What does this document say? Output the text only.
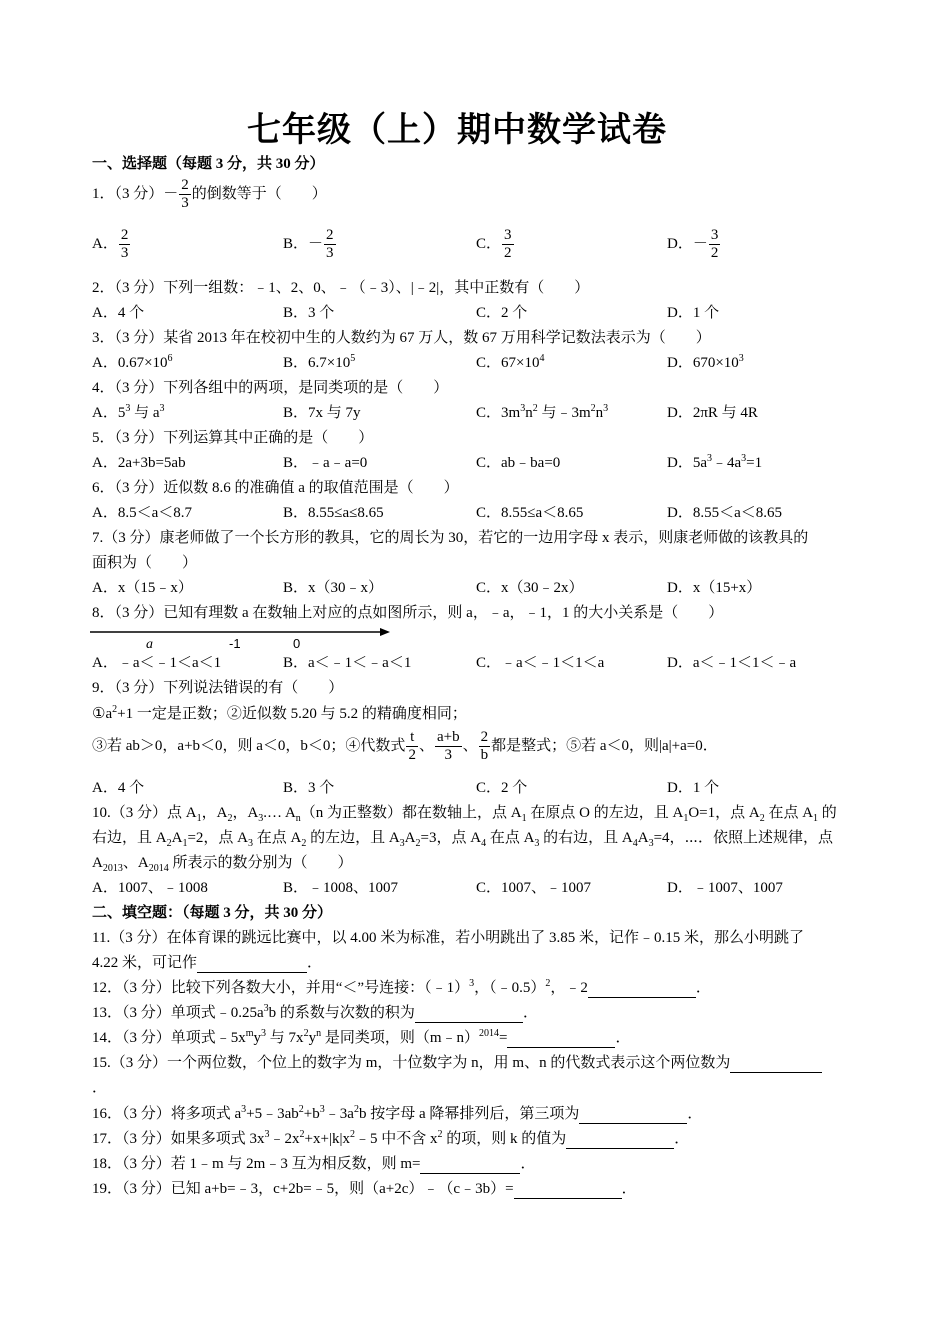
七年级（上）期中数学试卷
一、选择题（每题 3 分，共 30 分）
1．（3 分）－ $\frac{2}{3}$ 的倒数等于（　　）
A． $\frac{2}{3}$	B．－ $\frac{2}{3}$	C． $\frac{3}{2}$	D．－ $\frac{3}{2}$
2．（3 分）下列一组数：﹣1、2、0、﹣（﹣3）、|﹣2|，其中正数有（　　）
A．4 个	B．3 个	C．2 个	D．1 个
3．（3 分）某省 2013 年在校初中生的人数约为 67 万人，数 67 万用科学记数法表示为（　　）
A．$0.67\times 10^6$	B．$6.7\times 10^5$	C．$67\times 10^4$	D．$670\times 10^3$
4．（3 分）下列各组中的两项，是同类项的是（　　）
A．$5^3$ 与 $a^3$	B．7x 与 7y	C．$3m^3n^2$ 与$﹣3m^2n^3$	D．2πR 与 4R
5．（3 分）下列运算其中正确的是（　　）
A．2a+3b=5ab	B．﹣a﹣a=0	C．ab﹣ba=0	D．$5a^3﹣4a^3=1$
6．（3 分）近似数 8.6 的准确值 a 的取值范围是（　　）
A．8.5＜a＜8.7	B．8.55≤a≤8.65	C．8.55≤a＜8.65	D．8.55＜a＜8.65
7.（3 分）康老师做了一个长方形的教具，它的周长为 30，若它的一边用字母 x 表示，则康老师做的该教具的
面积为（　　）
A．x（15﹣x）	B．x（30﹣x）	C．x（30﹣2x）	D．x（15+x）
8．（3 分）已知有理数 a 在数轴上对应的点如图所示，则 a，﹣a，﹣1，1 的大小关系是（　　）
a	-1	0
A．﹣a＜﹣1＜a＜1	B．a＜﹣1＜﹣a＜1	C．﹣a＜﹣1＜1＜a	D．a＜﹣1＜1＜﹣a
9．（3 分）下列说法错误的有（　　）
$①a^2+1$ 一定是正数；②近似数 5.20 与 5.2 的精确度相同；
③若 ab＞0，a+b＜0，则 a＜0，b＜0；④代数式 $\frac{t}{2}$ 、 $\frac{a+b}{3}$ 、 $\frac{2}{b}$ 都是整式；⑤若 a＜0，则|a|+a=0．
A．4 个	B．3 个	C．2 个	D．1 个
10.（3 分）点 $A_1$，$A_2$，$A_3.\dots$ $A_n(n$ 为正整数）都在数轴上，点 $A_1$ 在原点 O 的左边，且 $A_1O=1$，点 $A_2$ 在点 $A_1$ 的
右边，且 $A_2A_1=2$，点 $A_3$ 在点 $A_2$ 的左边，且 $A_3A_2=3$，点 $A_4$ 在点 $A_3$ 的右边，且 $A_4A_3=4$，⋯．依照上述规律，点
$A_{2013}$、$A_{2014}$ 所表示的数分别为（　　）
A．1007、﹣1008	B．﹣1008、1007	C．1007、﹣1007	D．﹣1007、1007
二、填空题：（每题 3 分，共 30 分）
11.（3 分）在体育课的跳远比赛中，以 4.00 米为标准，若小明跳出了 3.85 米，记作﹣0.15 米，那么小明跳了
4.22 米，可记作	．
12．（3 分）比较下列各数大小，并用“＜”号连接：（﹣1）$^3$，（﹣0.5）$^2$，﹣2	．
13．（3 分）单项式$﹣0.25a^3b$ 的系数与次数的积为	．
14．（3 分）单项式$﹣5x^my^3$ 与 $7x^2y^n$ 是同类项，则（m﹣n）$^{2014}$=	．
15.（3 分）一个两位数，个位上的数字为 m，十位数字为 n，用 m、n 的代数式表示这个两位数为
．
16．（3 分）将多项式 $a^3+5﹣3ab^2+b^3﹣3a^2b$ 按字母 a 降幂排列后，第三项为	．
17．（3 分）如果多项式 $3x^3﹣2x^2+x+|k|x^2﹣5$ 中不含 $x^2$ 的项，则 k 的值为	．
18．（3 分）若 1﹣m 与 2m﹣3 互为相反数，则 m=	．
19．（3 分）已知 a+b=﹣3，c+2b=﹣5，则（a+2c）﹣（c﹣3b）=	．
